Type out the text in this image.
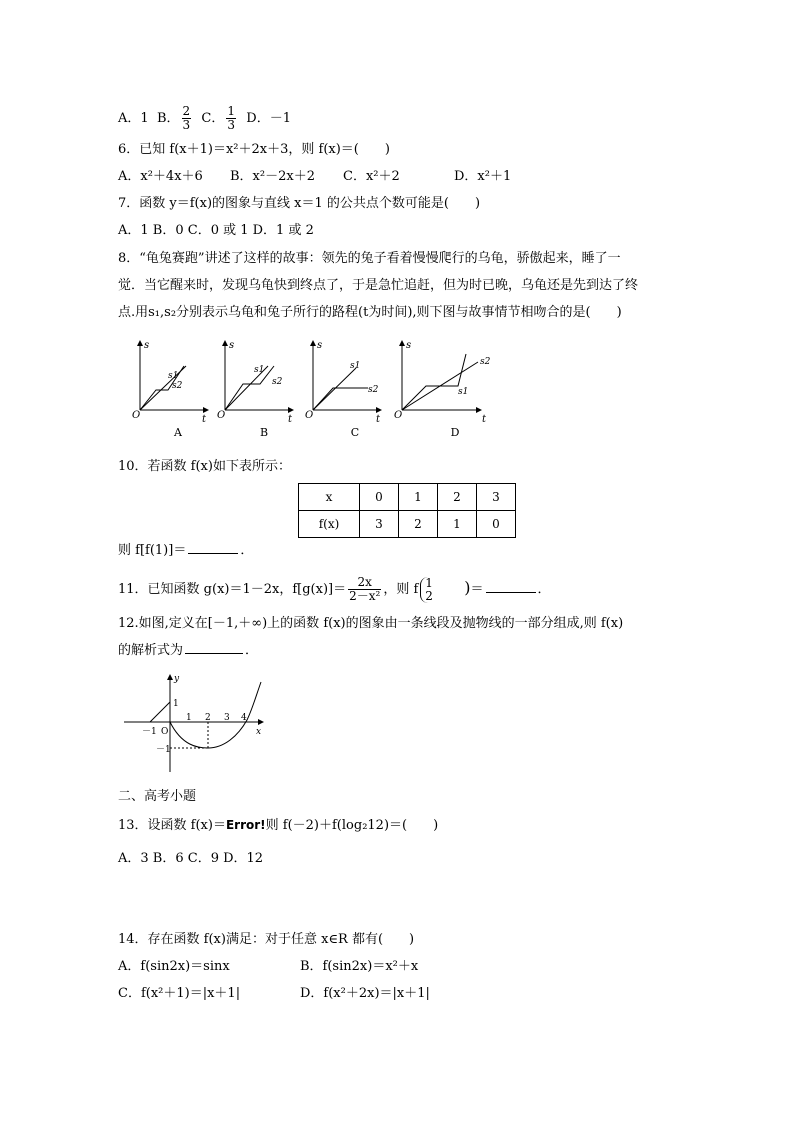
A．1 B． $\frac{2}{3}$ C． $\frac{1}{3}$ D．－1
6．已知 f(x＋1)＝x²＋2x＋3，则 f(x)＝(　　)
A．x²＋4x＋6 B．x²－2x＋2 C．x²＋2	D．x²＋1
7．函数 y＝f(x)的图象与直线 x＝1 的公共点个数可能是(　　)
A．1 B．0 C．0 或 1 D．1 或 2
8．“龟兔赛跑”讲述了这样的故事：领先的兔子看着慢慢爬行的乌龟，骄傲起来，睡了一
觉．当它醒来时，发现乌龟快到终点了，于是急忙追赶，但为时已晚，乌龟还是先到达了终
点.用s₁,s₂分别表示乌龟和兔子所行的路程(t为时间),则下图与故事情节相吻合的是(　　)
s
O	t
s1
s2
s
O	t
s1
s2
s
O	t
s1
s2
s
O	t
s1
s2
A	B	C	D
10．若函数 f(x)如下表所示：
x	0	1	2	3
f(x)	3	2	1	0
则 f[f(1)]＝	．
11．已知函数 g(x)＝1－2x，$f[g(x)]= \frac{2x}{\text{2－x²}}$ ，则 f 1
2	)＝	．
12.如图,定义在[－1,＋∞)上的函数 f(x)的图象由一条线段及抛物线的一部分组成,则 f(x)
的解析式为	．
y
x
－1 O
1 2 3 4
1
－1
二、高考小题
13．设函数 f(x)＝Error!则 f(－2)＋f(log₂12)＝(　　)
A．3 B．6 C．9 D．12
14．存在函数 f(x)满足：对于任意 x∈R 都有(　　)
A．f(sin2x)＝sinx	B．f(sin2x)＝x²＋x
C．f(x²＋1)＝|x＋1|	D．f(x²＋2x)＝|x＋1|
